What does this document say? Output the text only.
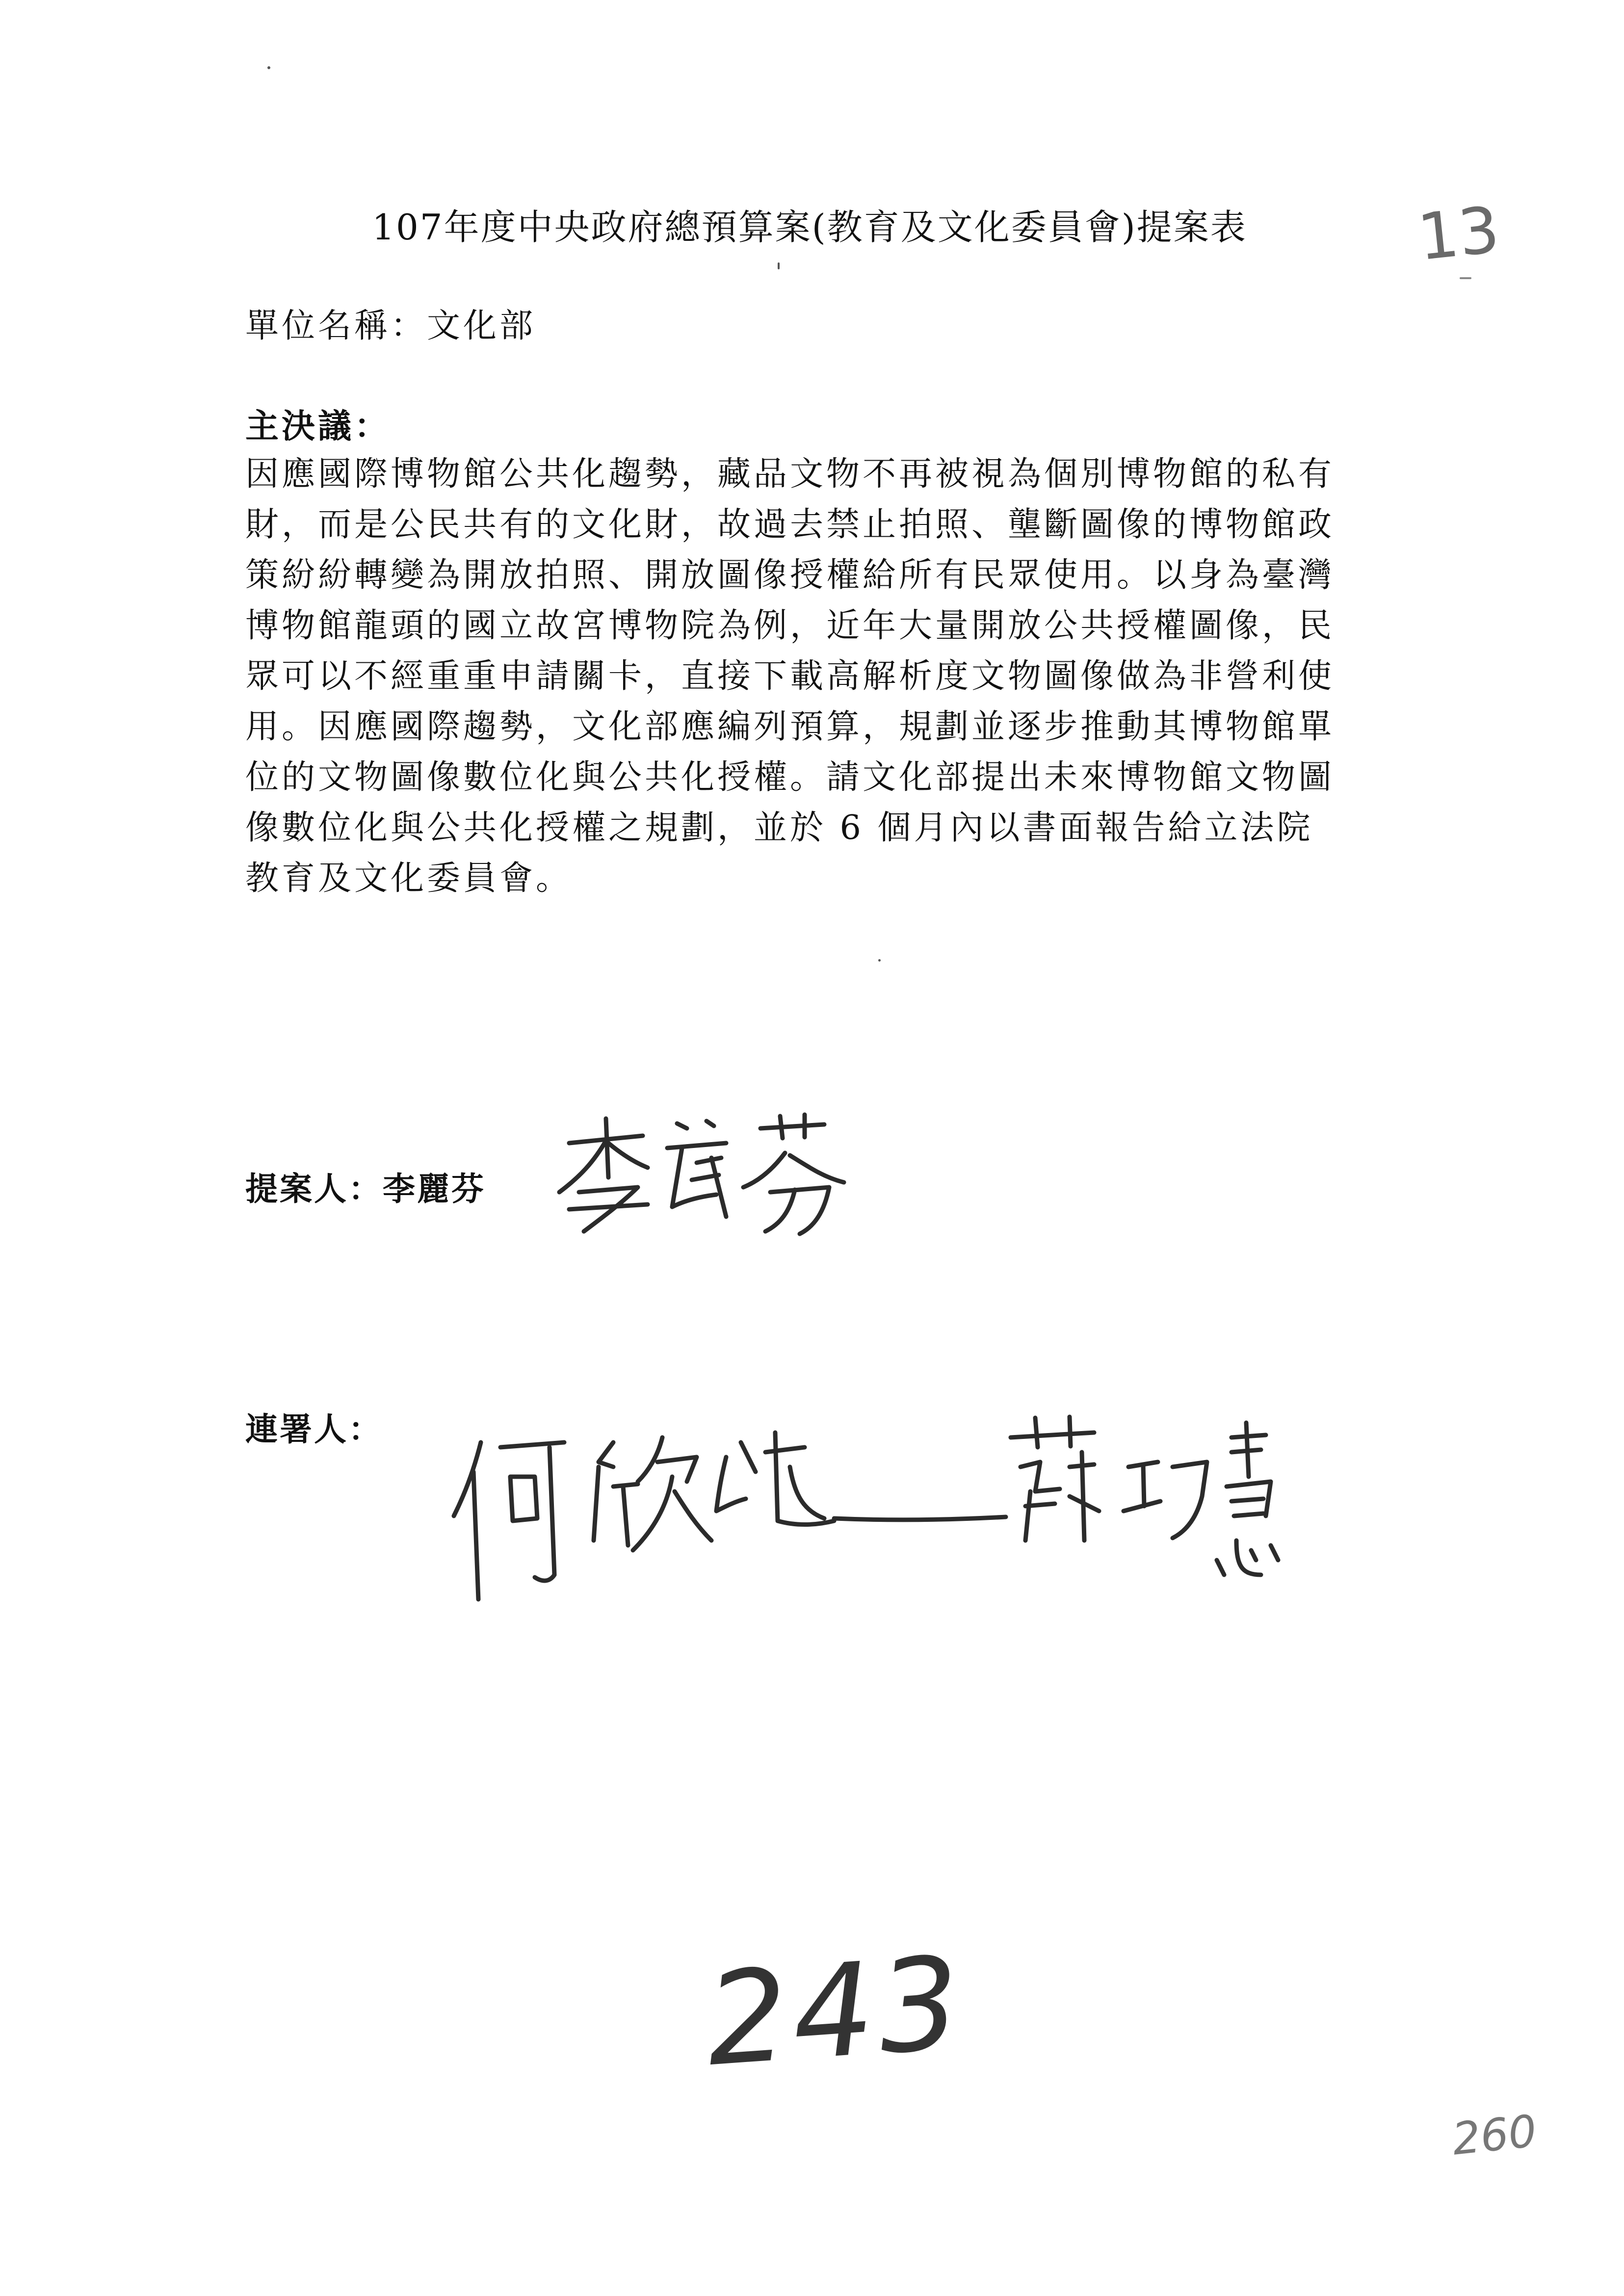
107年度中央政府總預算案(教育及文化委員會)提案表	13
單位名稱：文化部
主決議：
因應國際博物館公共化趨勢，藏品文物不再被視為個別博物館的私有
財，而是公民共有的文化財，故過去禁止拍照、壟斷圖像的博物館政
策紛紛轉變為開放拍照、開放圖像授權給所有民眾使用。以身為臺灣
博物館龍頭的國立故宮博物院為例，近年大量開放公共授權圖像，民
眾可以不經重重申請關卡，直接下載高解析度文物圖像做為非營利使
用。因應國際趨勢，文化部應編列預算，規劃並逐步推動其博物館單
位的文物圖像數位化與公共化授權。請文化部提出未來博物館文物圖
像數位化與公共化授權之規劃，並於 6 個月內以書面報告給立法院
教育及文化委員會。
提案人：李麗芬
連署人：
243
260
